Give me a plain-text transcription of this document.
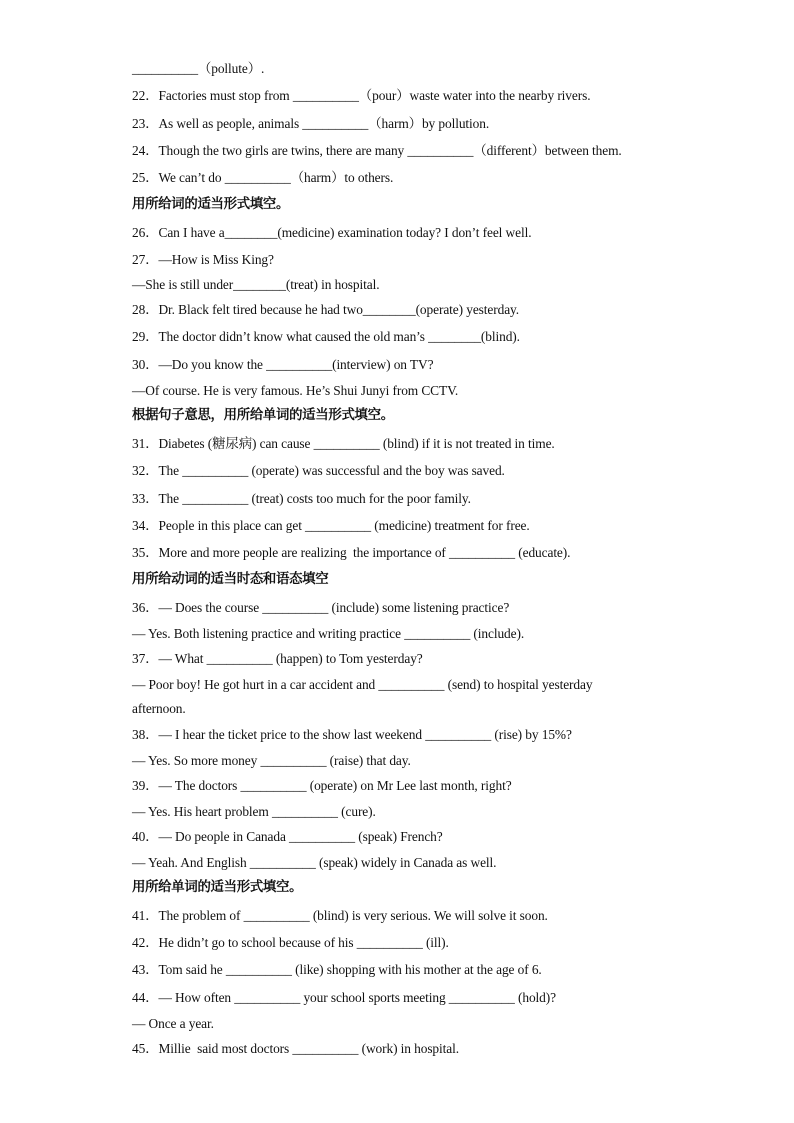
__________（pollute）.
22．Factories must stop from __________（pour）waste water into the nearby rivers.
23．As well as people, animals __________（harm）by pollution.
24．Though the two girls are twins, there are many __________（different）between them.
25．We can’t do __________（harm）to others.
用所给词的适当形式填空。
26．Can I have a________(medicine) examination today? I don’t feel well.
27．—How is Miss King?
—She is still under________(treat) in hospital.
28．Dr. Black felt tired because he had two________(operate) yesterday.
29．The doctor didn’t know what caused the old man’s ________(blind).
30．—Do you know the __________(interview) on TV?
—Of course. He is very famous. He’s Shui Junyi from CCTV.
根据句子意思，用所给单词的适当形式填空。
31．Diabetes (糖尿病) can cause __________ (blind) if it is not treated in time.
32．The __________ (operate) was successful and the boy was saved.
33．The __________ (treat) costs too much for the poor family.
34．People in this place can get __________ (medicine) treatment for free.
35．More and more people are realizing  the importance of __________ (educate).
用所给动词的适当时态和语态填空
36．— Does the course __________ (include) some listening practice?
— Yes. Both listening practice and writing practice __________ (include).
37．— What __________ (happen) to Tom yesterday?
— Poor boy! He got hurt in a car accident and __________ (send) to hospital yesterday
afternoon.
38．— I hear the ticket price to the show last weekend __________ (rise) by 15%?
— Yes. So more money __________ (raise) that day.
39．— The doctors __________ (operate) on Mr Lee last month, right?
— Yes. His heart problem __________ (cure).
40．— Do people in Canada __________ (speak) French?
— Yeah. And English __________ (speak) widely in Canada as well.
用所给单词的适当形式填空。
41．The problem of __________ (blind) is very serious. We will solve it soon.
42．He didn’t go to school because of his __________ (ill).
43．Tom said he __________ (like) shopping with his mother at the age of 6.
44．— How often __________ your school sports meeting __________ (hold)?
— Once a year.
45．Millie  said most doctors __________ (work) in hospital.
